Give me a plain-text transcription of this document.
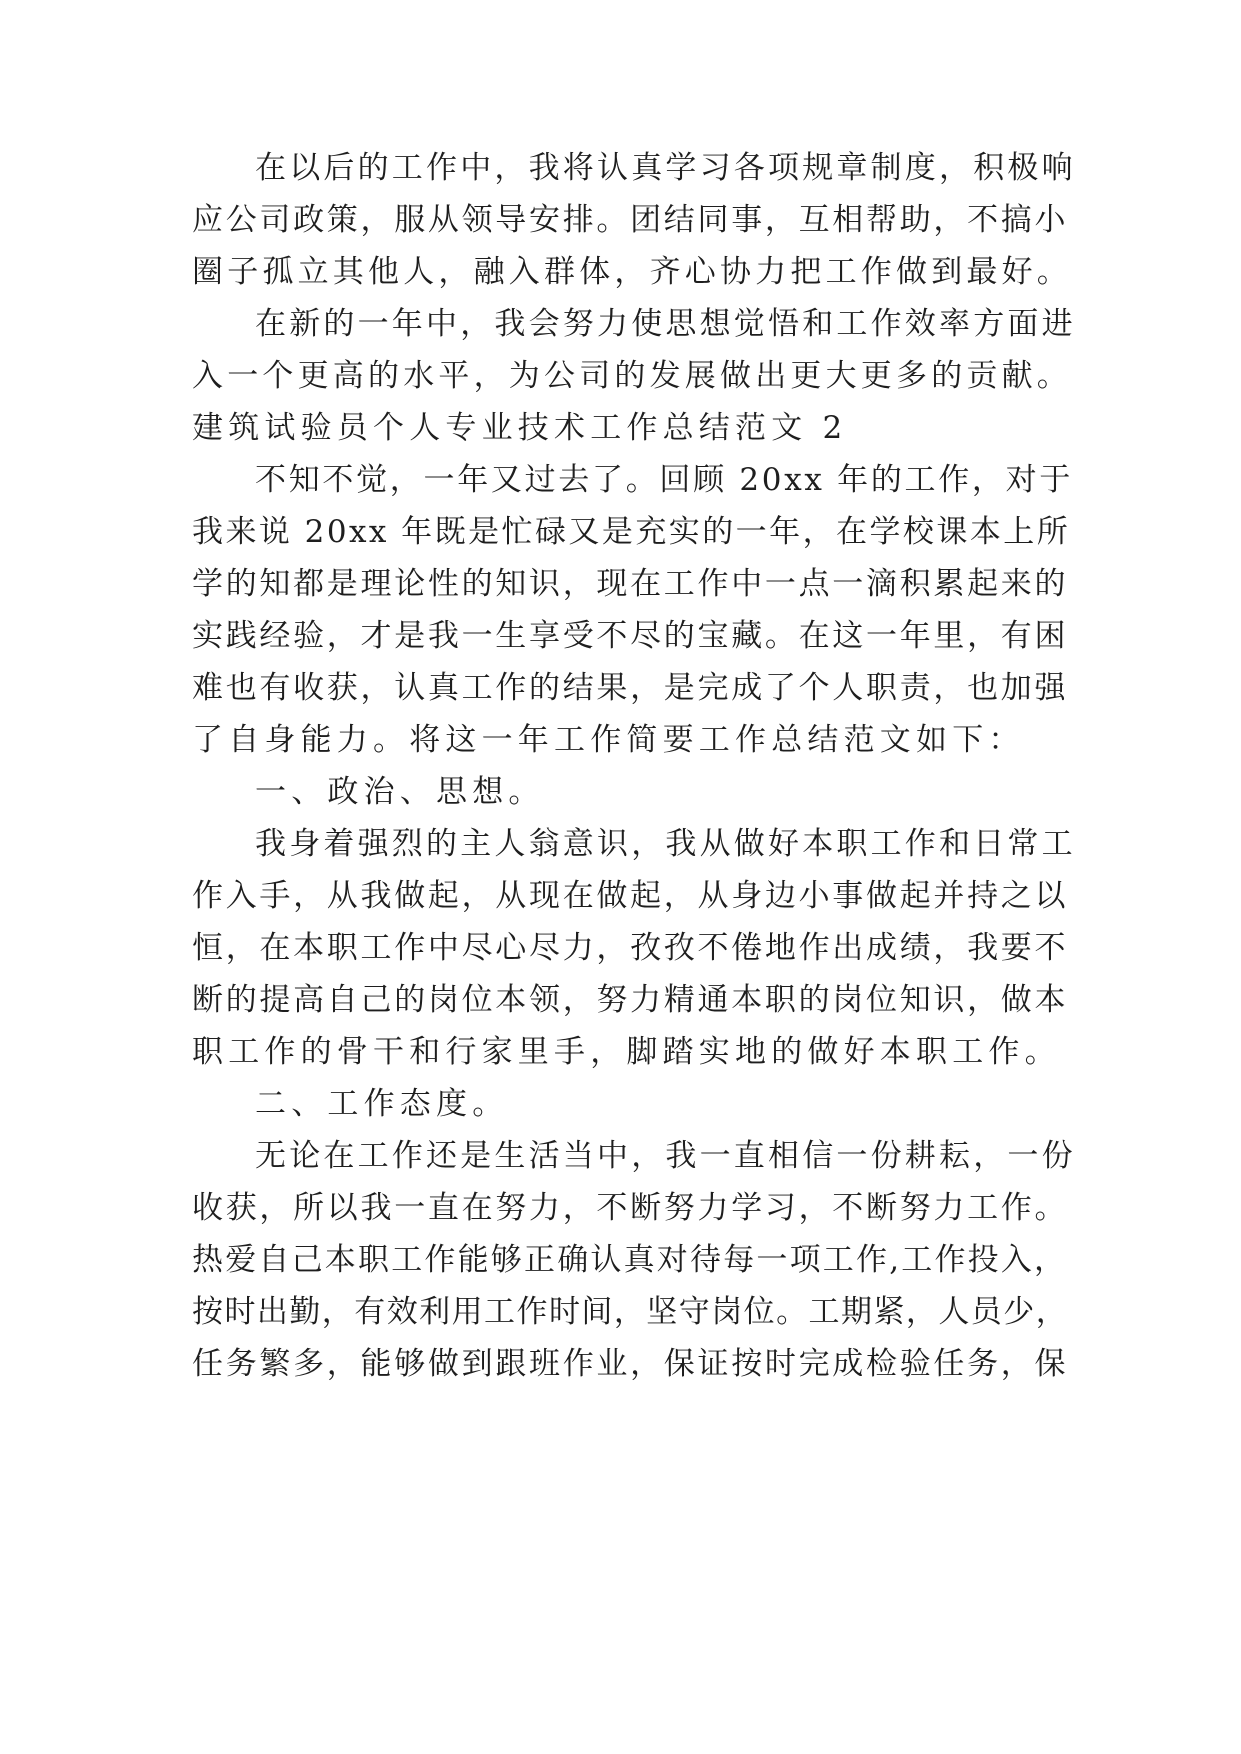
在以后的工作中，我将认真学习各项规章制度，积极响
应公司政策，服从领导安排。团结同事，互相帮助，不搞小
圈子孤立其他人，融入群体，齐心协力把工作做到最好。
在新的一年中，我会努力使思想觉悟和工作效率方面进
入一个更高的水平，为公司的发展做出更大更多的贡献。
建筑试验员个人专业技术工作总结范文 2
不知不觉，一年又过去了。回顾 20xx 年的工作，对于
我来说 20xx 年既是忙碌又是充实的一年，在学校课本上所
学的知都是理论性的知识，现在工作中一点一滴积累起来的
实践经验，才是我一生享受不尽的宝藏。在这一年里，有困
难也有收获，认真工作的结果，是完成了个人职责，也加强
了自身能力。将这一年工作简要工作总结范文如下：
一、政治、思想。
我身着强烈的主人翁意识，我从做好本职工作和日常工
作入手，从我做起，从现在做起，从身边小事做起并持之以
恒，在本职工作中尽心尽力，孜孜不倦地作出成绩，我要不
断的提高自己的岗位本领，努力精通本职的岗位知识，做本
职工作的骨干和行家里手，脚踏实地的做好本职工作。
二、工作态度。
无论在工作还是生活当中，我一直相信一份耕耘，一份
收获，所以我一直在努力，不断努力学习，不断努力工作。
热爱自己本职工作能够正确认真对待每一项工作,工作投入，
按时出勤，有效利用工作时间，坚守岗位。工期紧，人员少，
任务繁多，能够做到跟班作业，保证按时完成检验任务，保
